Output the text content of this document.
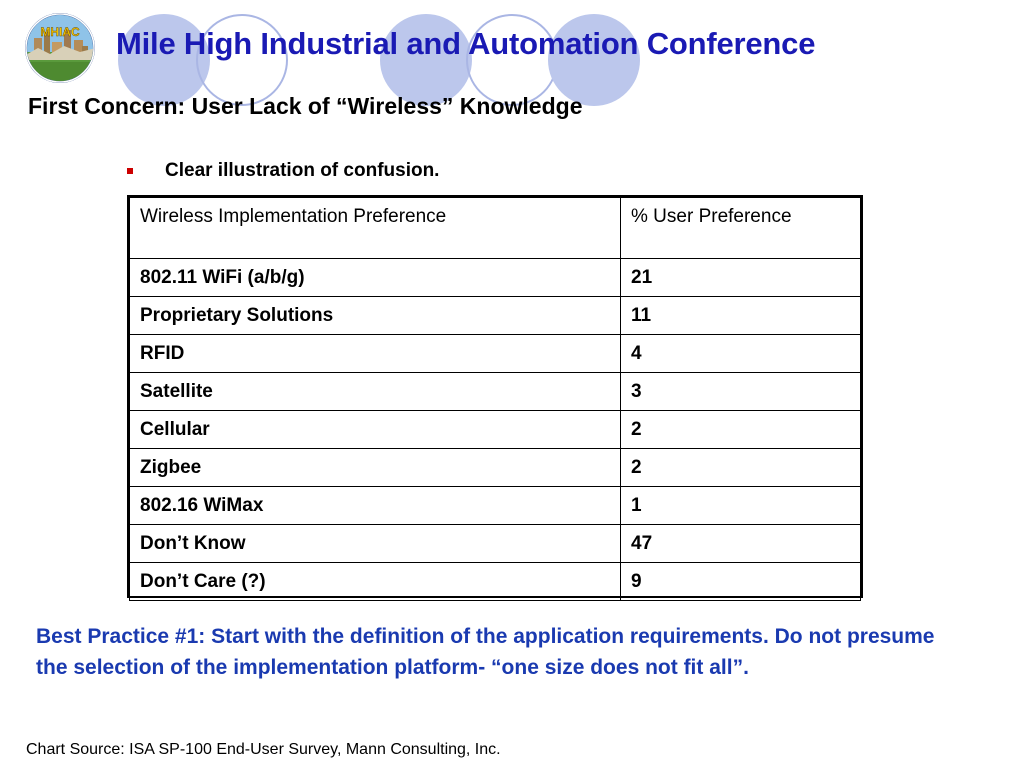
MHIAC Mile High Industrial and Automation Conference
First Concern: User Lack of “Wireless” Knowledge
Clear illustration of confusion.
Wireless Implementation Preference	% User Preference
802.11 WiFi (a/b/g)	21
Proprietary Solutions	11
RFID	4
Satellite	3
Cellular	2
Zigbee	2
802.16 WiMax	1
Don’t Know	47
Don’t Care (?)	9
Best Practice #1: Start with the definition of the application requirements. Do not presume the selection of the implementation platform- “one size does not fit all”.
Chart Source: ISA SP-100 End-User Survey, Mann Consulting, Inc.
